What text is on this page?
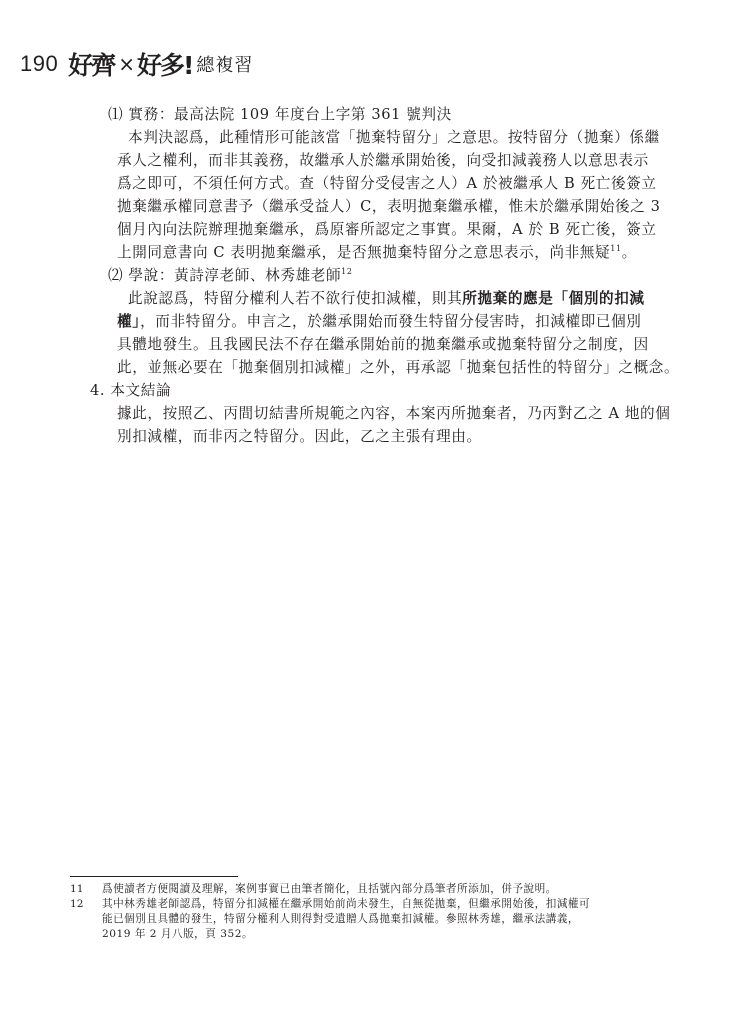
190 好齊 × 好多! 總複習
⑴ 實務：最高法院 109 年度台上字第 361 號判決
本判決認爲，此種情形可能該當「拋棄特留分」之意思。按特留分（拋棄）係繼
承人之權利，而非其義務，故繼承人於繼承開始後，向受扣減義務人以意思表示
爲之即可，不須任何方式。查（特留分受侵害之人）A 於被繼承人 B 死亡後簽立
拋棄繼承權同意書予（繼承受益人）C，表明拋棄繼承權，惟未於繼承開始後之 3
個月內向法院辦理拋棄繼承，爲原審所認定之事實。果爾，A 於 B 死亡後，簽立
上開同意書向 C 表明拋棄繼承，是否無拋棄特留分之意思表示，尚非無疑$^{11}$。
⑵ 學說：黃詩淳老師、林秀雄老師$^{12}$
此說認爲，特留分權利人若不欲行使扣減權，則其所拋棄的應是「個別的扣減
權」，而非特留分。申言之，於繼承開始而發生特留分侵害時，扣減權即已個別
具體地發生。且我國民法不存在繼承開始前的拋棄繼承或拋棄特留分之制度，因
此，並無必要在「拋棄個別扣減權」之外，再承認「拋棄包括性的特留分」之概念。
4. 本文結論
據此，按照乙、丙間切結書所規範之內容，本案丙所拋棄者，乃丙對乙之 A 地的個
別扣減權，而非丙之特留分。因此，乙之主張有理由。
11 爲使讀者方便閱讀及理解，案例事實已由筆者簡化，且括號內部分爲筆者所添加，併予說明。
12 其中林秀雄老師認爲，特留分扣減權在繼承開始前尚未發生，自無從拋棄，但繼承開始後，扣減權可
能已個別且具體的發生，特留分權利人則得對受遺贈人爲拋棄扣減權。參照林秀雄，繼承法講義，
2019 年 2 月八版，頁 352。
